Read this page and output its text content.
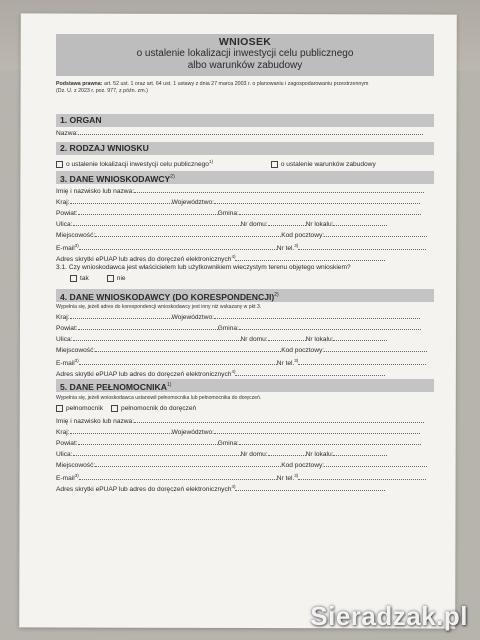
WNIOSEK
o ustalenie lokalizacji inwestycji celu publicznego
albo warunków zabudowy
Podstawa prawna: art. 52 ust. 1 oraz art. 64 ust. 1 ustawy z dnia 27 marca 2003 r. o planowaniu i zagospodarowaniu przestrzennym
(Dz. U. z 2023 r. poz. 977, z późn. zm.)
1. ORGAN
Nazwa:
2. RODZAJ WNIOSKU
o ustalenie lokalizacji inwestycji celu publicznego$^{1)}$	o ustalenie warunków zabudowy
3. DANE WNIOSKODAWCY$^{2)}$
Imię i nazwisko lub nazwa:
Kraj:	Województwo:
Powiat:	Gmina:
Ulica:	Nr domu:	Nr lokalu:
Miejscowość:	Kod pocztowy:
E-mail$^{3)}$	Nr tel.$^{3)}$
Adres skrytki ePUAP lub adres do doręczeń elektronicznych$^{4)}$
3.1. Czy wnioskodawca jest właścicielem lub użytkownikiem wieczystym terenu objętego wnioskiem?
tak	nie
4. DANE WNIOSKODAWCY (DO KORESPONDENCJI)$^{2)}$
Wypełnia się, jeżeli adres do korespondencji wnioskodawcy jest inny niż wskazany w pkt 3.
Kraj:	Województwo:
Powiat:	Gmina:
Ulica:	Nr domu:	Nr lokalu:
Miejscowość:	Kod pocztowy:
E-mail$^{3)}$	Nr tel.$^{3)}$
Adres skrytki ePUAP lub adres do doręczeń elektronicznych$^{4)}$
5. DANE PEŁNOMOCNIKA$^{1)}$
Wypełnia się, jeżeli wnioskodawca ustanowił pełnomocnika lub pełnomocnika do doręczeń.
pełnomocnik	pełnomocnik do doręczeń
Imię i nazwisko lub nazwa:
Kraj:	Województwo:
Powiat:	Gmina:
Ulica:	Nr domu:	Nr lokalu:
Miejscowość:	Kod pocztowy:
E-mail$^{3)}$	Nr tel.$^{3)}$
Adres skrytki ePUAP lub adres do doręczeń elektronicznych$^{4)}$
Sieradzak.pl
